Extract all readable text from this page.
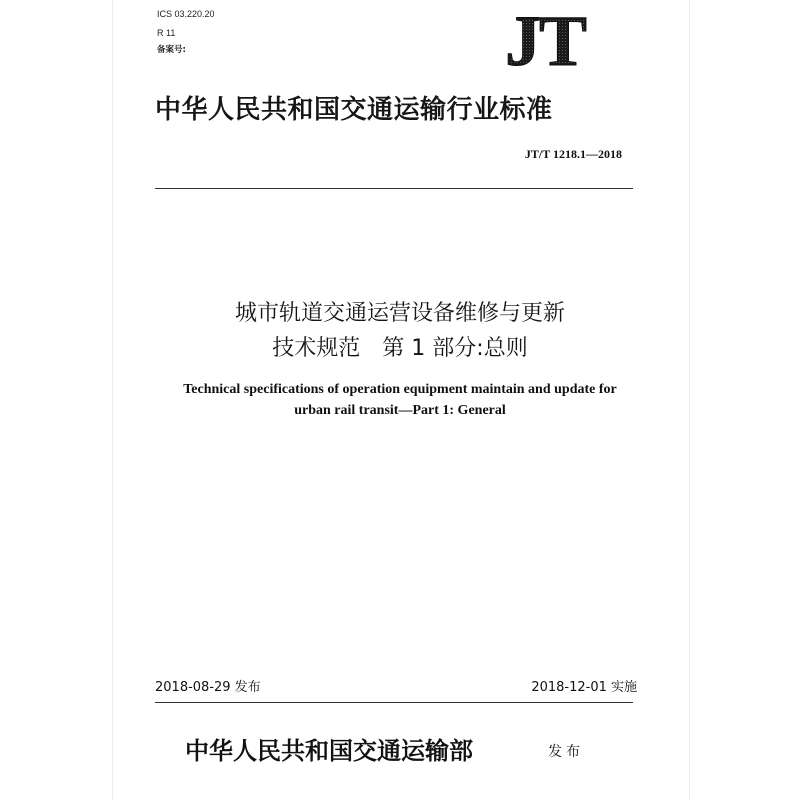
ICS 03.220.20
R 11
备案号:	JT
中华人民共和国交通运输行业标准
JT/T 1218.1—2018
城市轨道交通运营设备维修与更新
技术规范　第 1 部分:总则
Technical specifications of operation equipment maintain and update for
urban rail transit—Part 1: General
2018-08-29 发布	2018-12-01 实施
中华人民共和国交通运输部	发布
